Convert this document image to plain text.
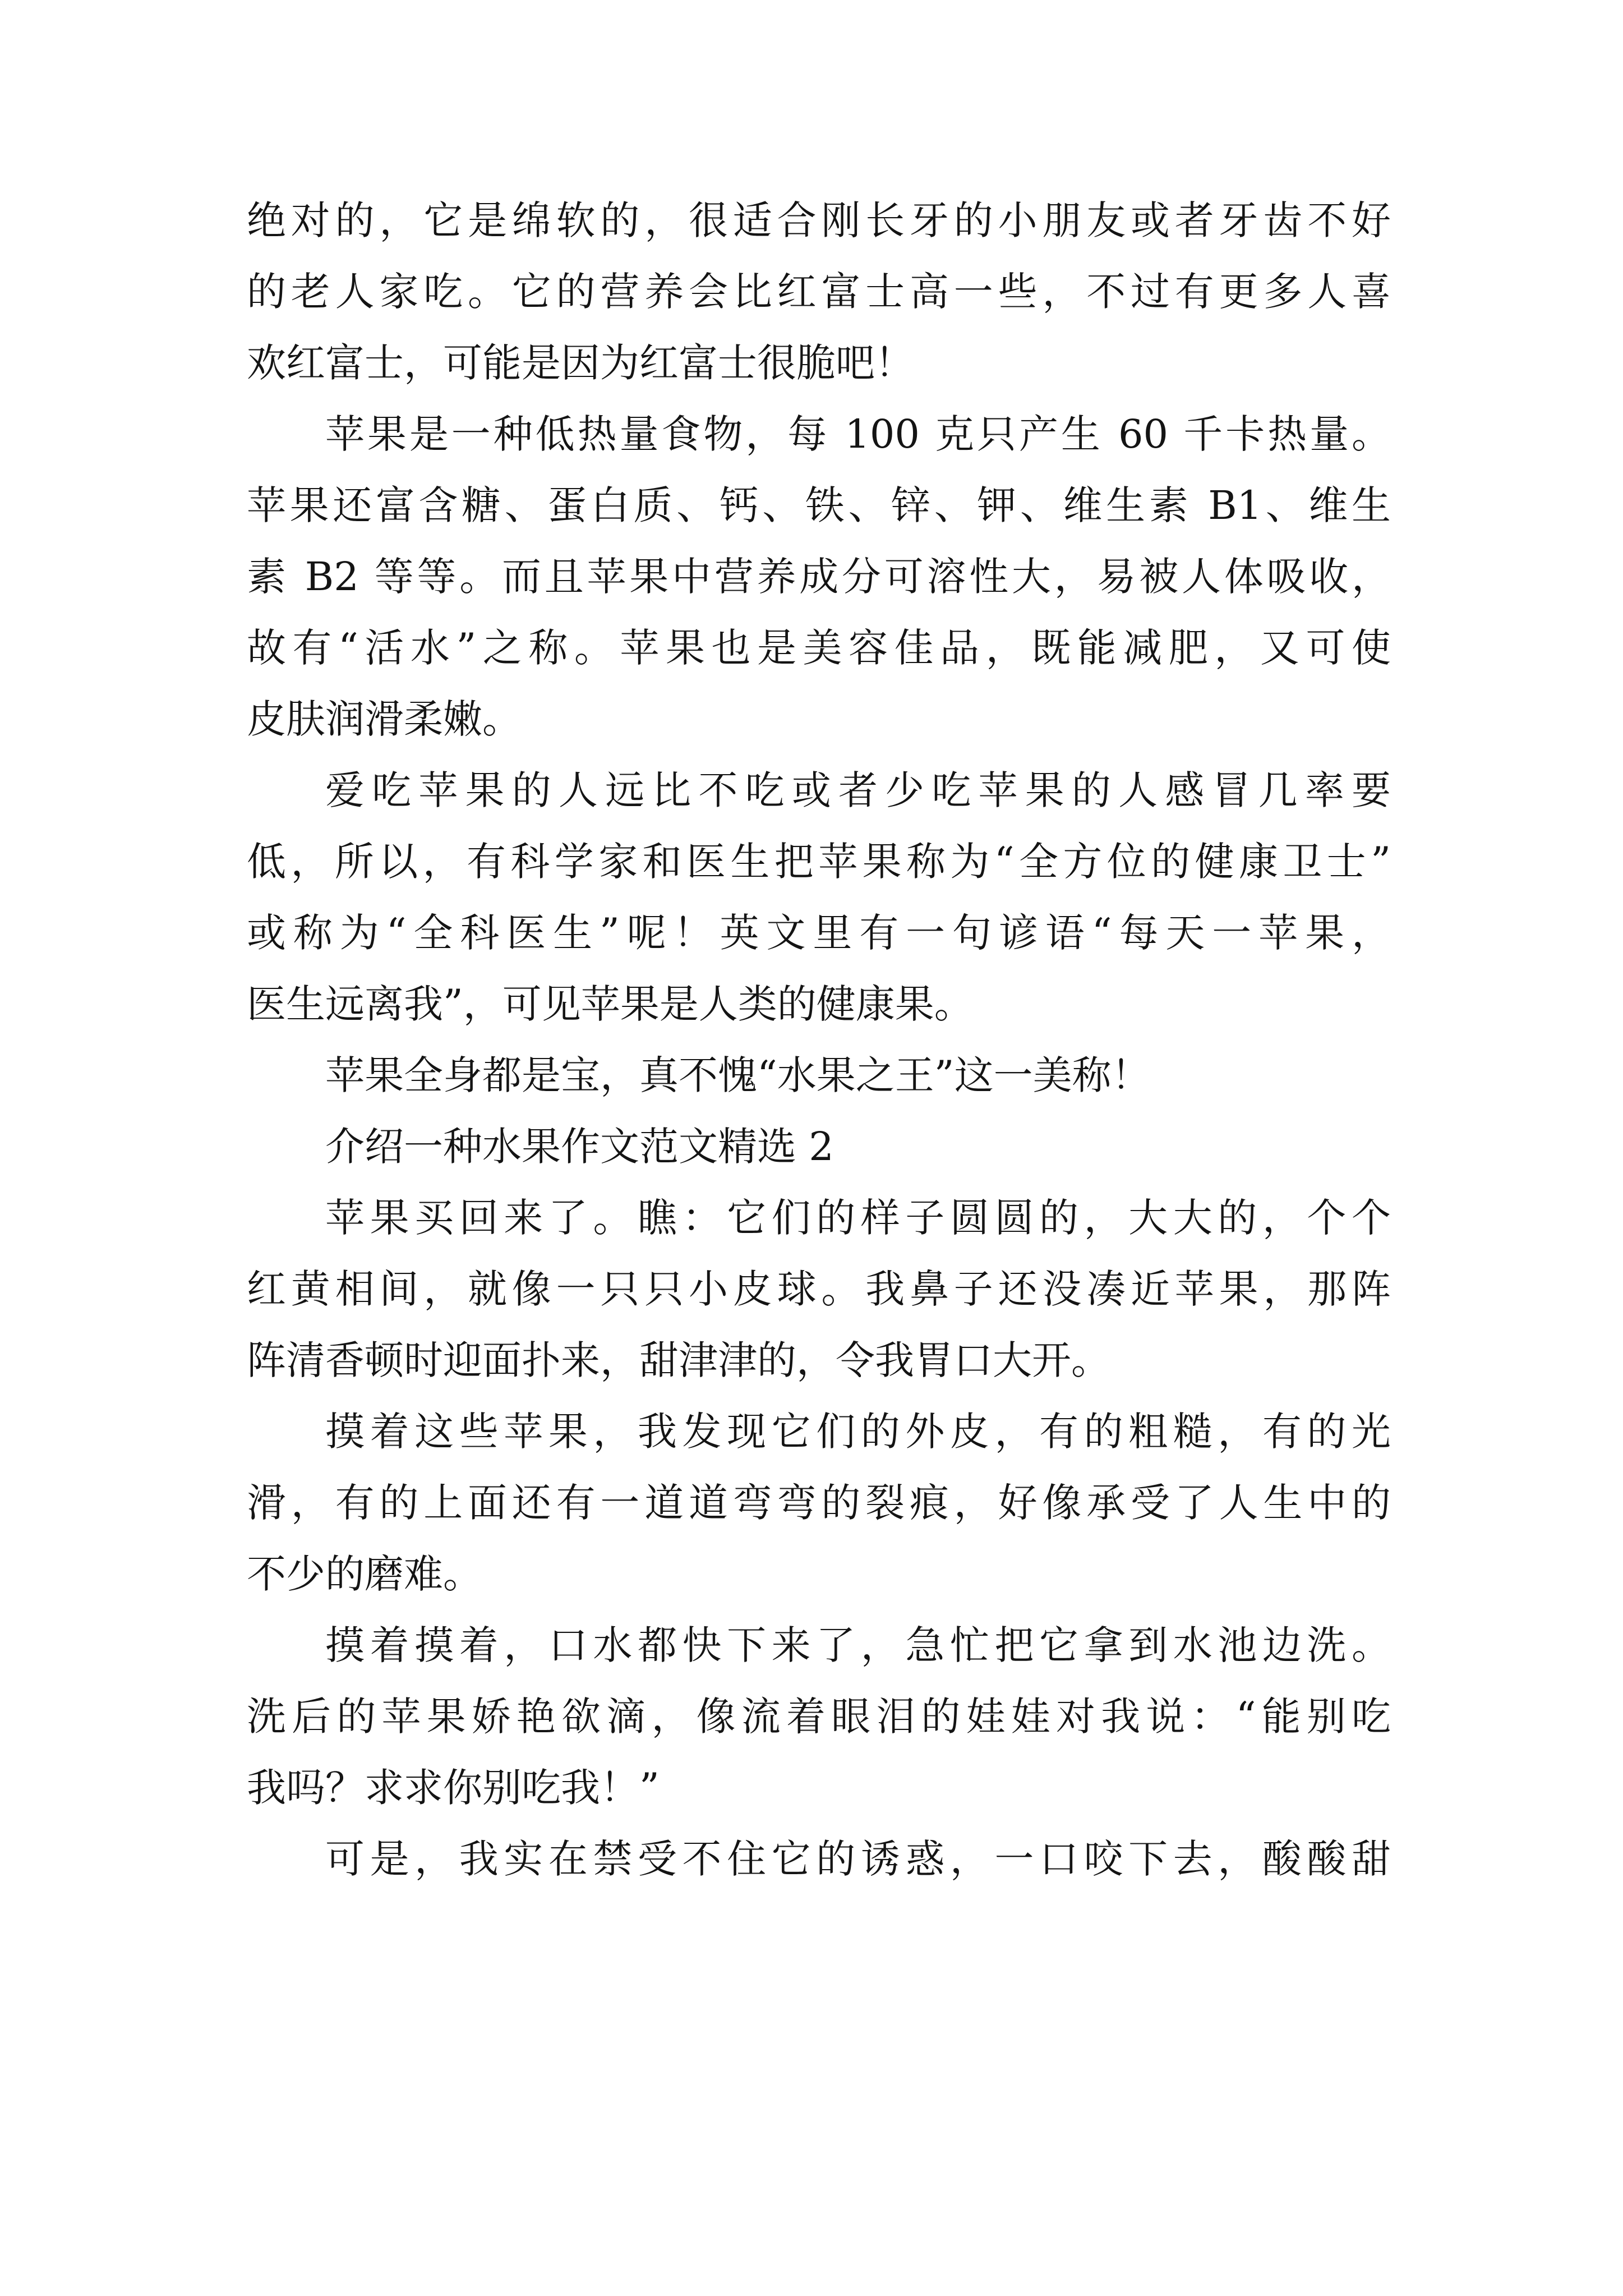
绝对的，它是绵软的，很适合刚长牙的小朋友或者牙齿不好
的老人家吃。它的营养会比红富士高一些，不过有更多人喜
欢红富士，可能是因为红富士很脆吧！

苹果是一种低热量食物，每 100 克只产生 60 千卡热量。
苹果还富含糖、蛋白质、钙、铁、锌、钾、维生素 B1、维生
素 B2 等等。而且苹果中营养成分可溶性大，易被人体吸收，
故有“活水”之称。苹果也是美容佳品，既能减肥，又可使
皮肤润滑柔嫩。

爱吃苹果的人远比不吃或者少吃苹果的人感冒几率要
低，所以，有科学家和医生把苹果称为“全方位的健康卫士”
或称为“全科医生”呢！英文里有一句谚语“每天一苹果，
医生远离我”，可见苹果是人类的健康果。

苹果全身都是宝，真不愧“水果之王”这一美称！

介绍一种水果作文范文精选 2

苹果买回来了。瞧：它们的样子圆圆的，大大的，个个
红黄相间，就像一只只小皮球。我鼻子还没凑近苹果，那阵
阵清香顿时迎面扑来，甜津津的，令我胃口大开。

摸着这些苹果，我发现它们的外皮，有的粗糙，有的光
滑，有的上面还有一道道弯弯的裂痕，好像承受了人生中的
不少的磨难。

摸着摸着，口水都快下来了，急忙把它拿到水池边洗。
洗后的苹果娇艳欲滴，像流着眼泪的娃娃对我说：“能别吃
我吗？求求你别吃我！”

可是，我实在禁受不住它的诱惑，一口咬下去，酸酸甜
